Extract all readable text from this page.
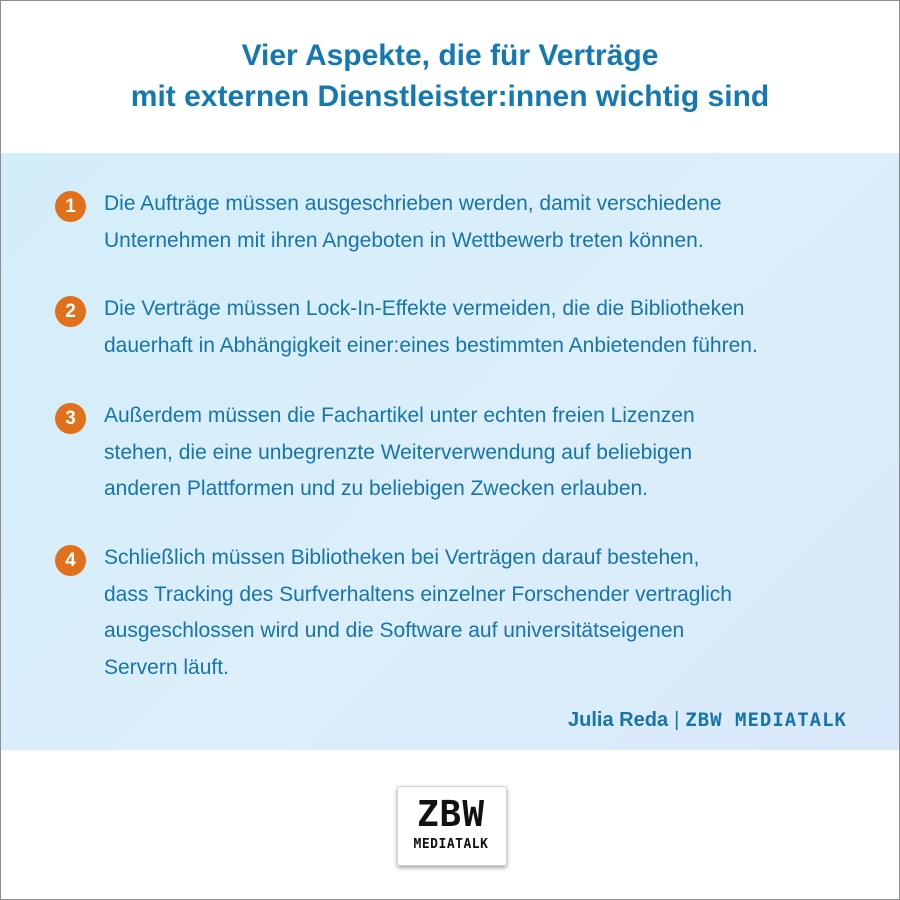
Vier Aspekte, die für Verträge
mit externen Dienstleister:innen wichtig sind
1	Die Aufträge müssen ausgeschrieben werden, damit verschiedene
Unternehmen mit ihren Angeboten in Wettbewerb treten können.
2	Die Verträge müssen Lock-In-Effekte vermeiden, die die Bibliotheken
dauerhaft in Abhängigkeit einer:eines bestimmten Anbietenden führen.
3	Außerdem müssen die Fachartikel unter echten freien Lizenzen
stehen, die eine unbegrenzte Weiterverwendung auf beliebigen
anderen Plattformen und zu beliebigen Zwecken erlauben.
4	Schließlich müssen Bibliotheken bei Verträgen darauf bestehen,
dass Tracking des Surfverhaltens einzelner Forschender vertraglich
ausgeschlossen wird und die Software auf universitätseigenen
Servern läuft.
Julia Reda | ZBW MEDIATALK
ZBW
MEDIATALK
